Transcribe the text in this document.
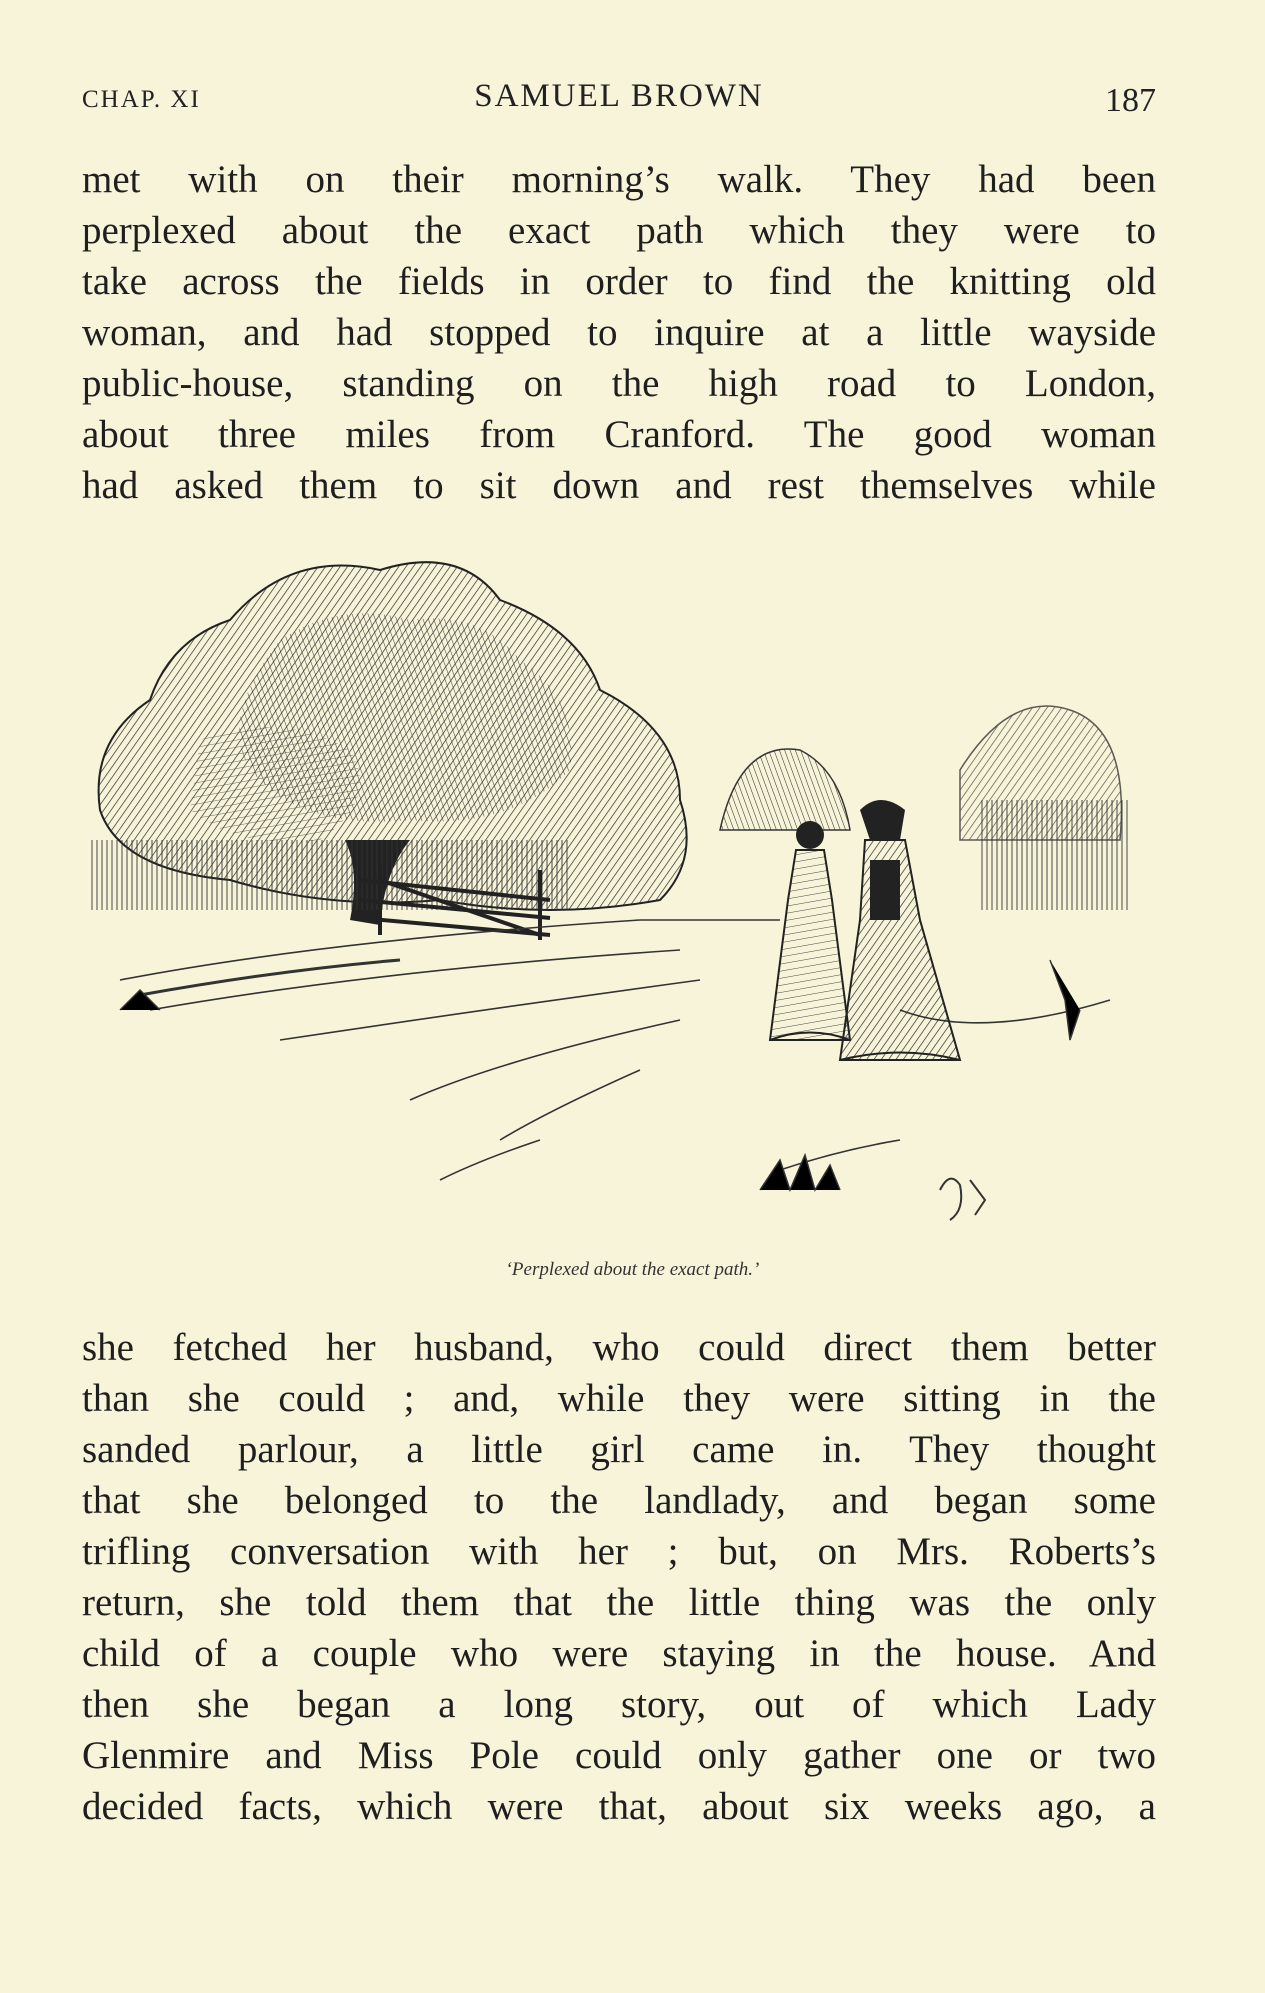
CHAP. XI	SAMUEL BROWN	187
met with on their morning’s walk. They had been
perplexed about the exact path which they were to
take across the fields in order to find the knitting old
woman, and had stopped to inquire at a little wayside
public-house, standing on the high road to London,
about three miles from Cranford. The good woman
had asked them to sit down and rest themselves while
‘Perplexed about the exact path.’
she fetched her husband, who could direct them better
than she could ; and, while they were sitting in the
sanded parlour, a little girl came in. They thought
that she belonged to the landlady, and began some
trifling conversation with her ; but, on Mrs. Roberts’s
return, she told them that the little thing was the only
child of a couple who were staying in the house. And
then she began a long story, out of which Lady
Glenmire and Miss Pole could only gather one or two
decided facts, which were that, about six weeks ago, a
